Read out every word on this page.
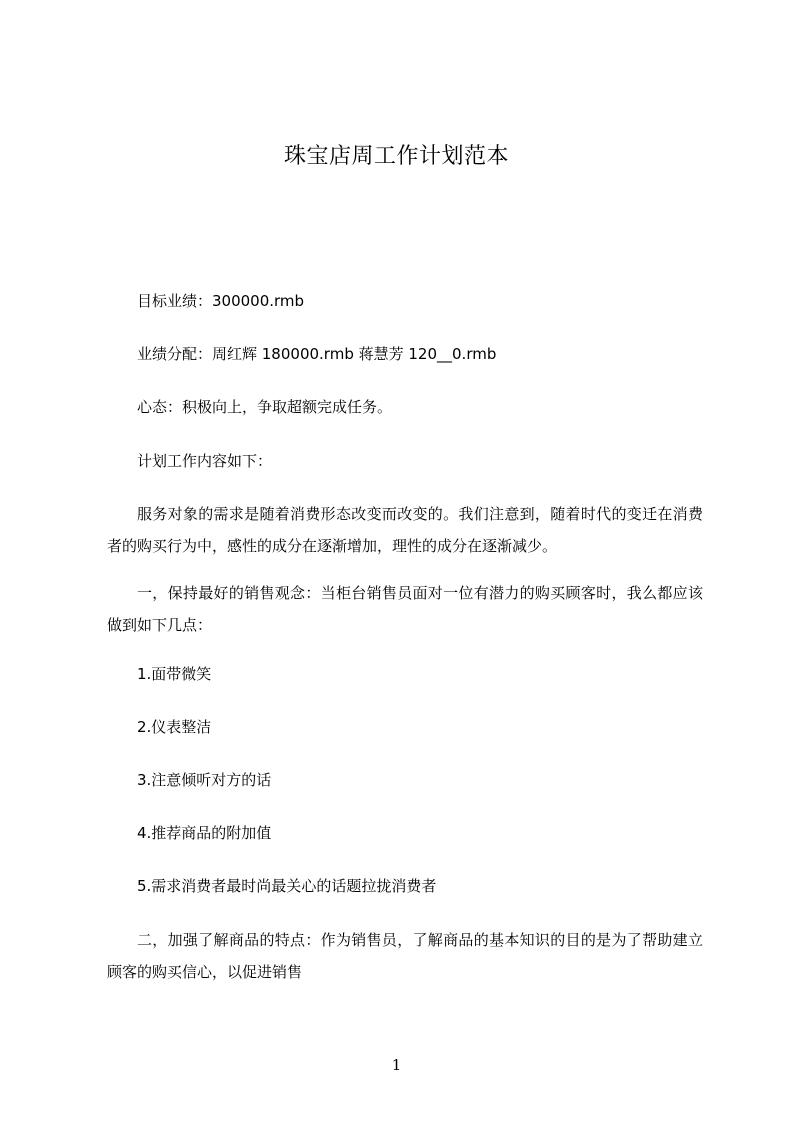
珠宝店周工作计划范本
目标业绩：300000.rmb
业绩分配：周红辉 180000.rmb 蒋慧芳 120__0.rmb
心态：积极向上，争取超额完成任务。
计划工作内容如下：
服务对象的需求是随着消费形态改变而改变的。我们注意到，随着时代的变迁在消费者的购买行为中，感性的成分在逐渐增加，理性的成分在逐渐减少。
一，保持最好的销售观念：当柜台销售员面对一位有潜力的购买顾客时，我么都应该做到如下几点：
1.面带微笑
2.仪表整洁
3.注意倾听对方的话
4.推荐商品的附加值
5.需求消费者最时尚最关心的话题拉拢消费者
二，加强了解商品的特点：作为销售员，了解商品的基本知识的目的是为了帮助建立顾客的购买信心，以促进销售
1
